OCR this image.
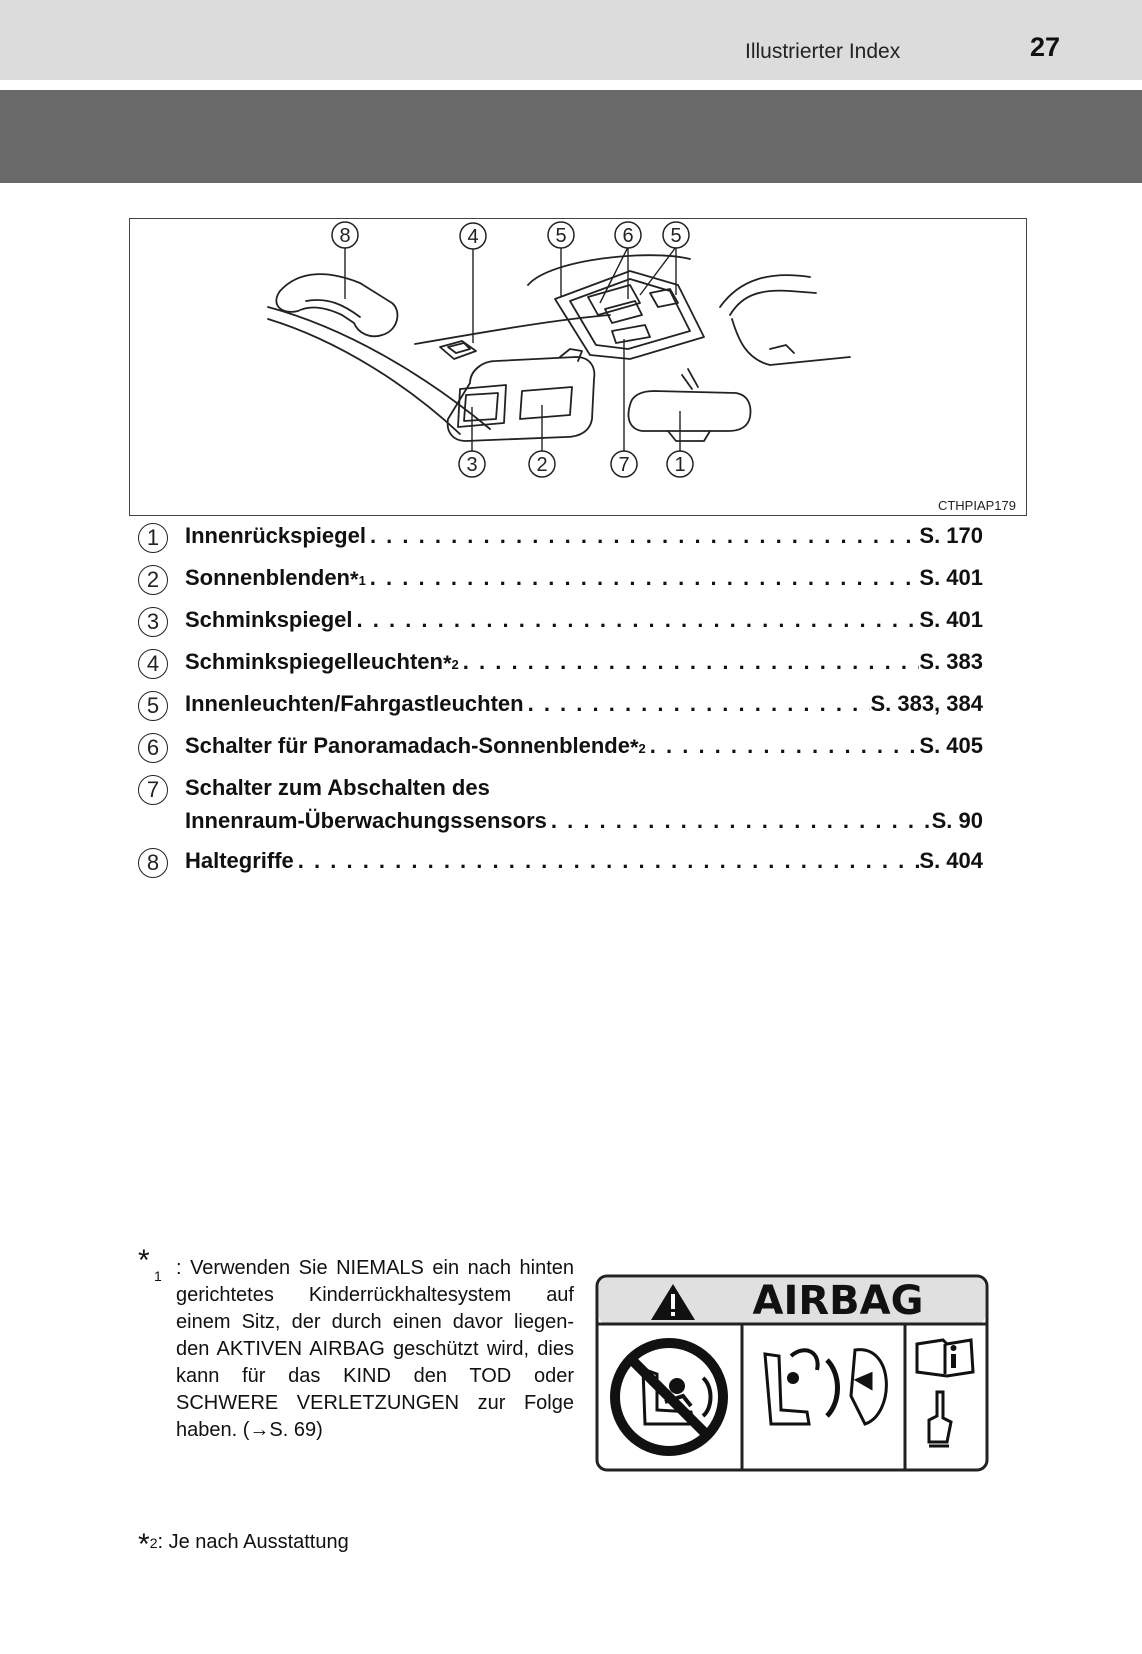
Illustrierter Index	27
8	4	5	6 5
3	2	7 1
CTHPIAP179
1	Innenrückspiegel . . .	S. 170
2	Sonnenblenden *1 . . .	S. 401
3	Schminkspiegel . . .	S. 401
4	Schminkspiegelleuchten *2 . . .	S. 383
5	Innenleuchten/Fahrgastleuchten . . .	S. 383, 384
6	Schalter für Panoramadach-Sonnenblende *2 . . .	S. 405
7	Schalter zum Abschalten des
Innenraum-Überwachungssensors . . .	S. 90
8	Haltegriffe . . .	S. 404
* 1 : Verwenden Sie NIEMALS ein nach hinten gerichtetes Kinderrückhaltesystem auf einem Sitz, der durch einen davor liegen-den AKTIVEN AIRBAG geschützt wird, dies kann für das KIND den TOD oder SCHWERE VERLETZUNGEN zur Folge haben. (→S. 69)
AIRBAG
*2: Je nach Ausstattung
